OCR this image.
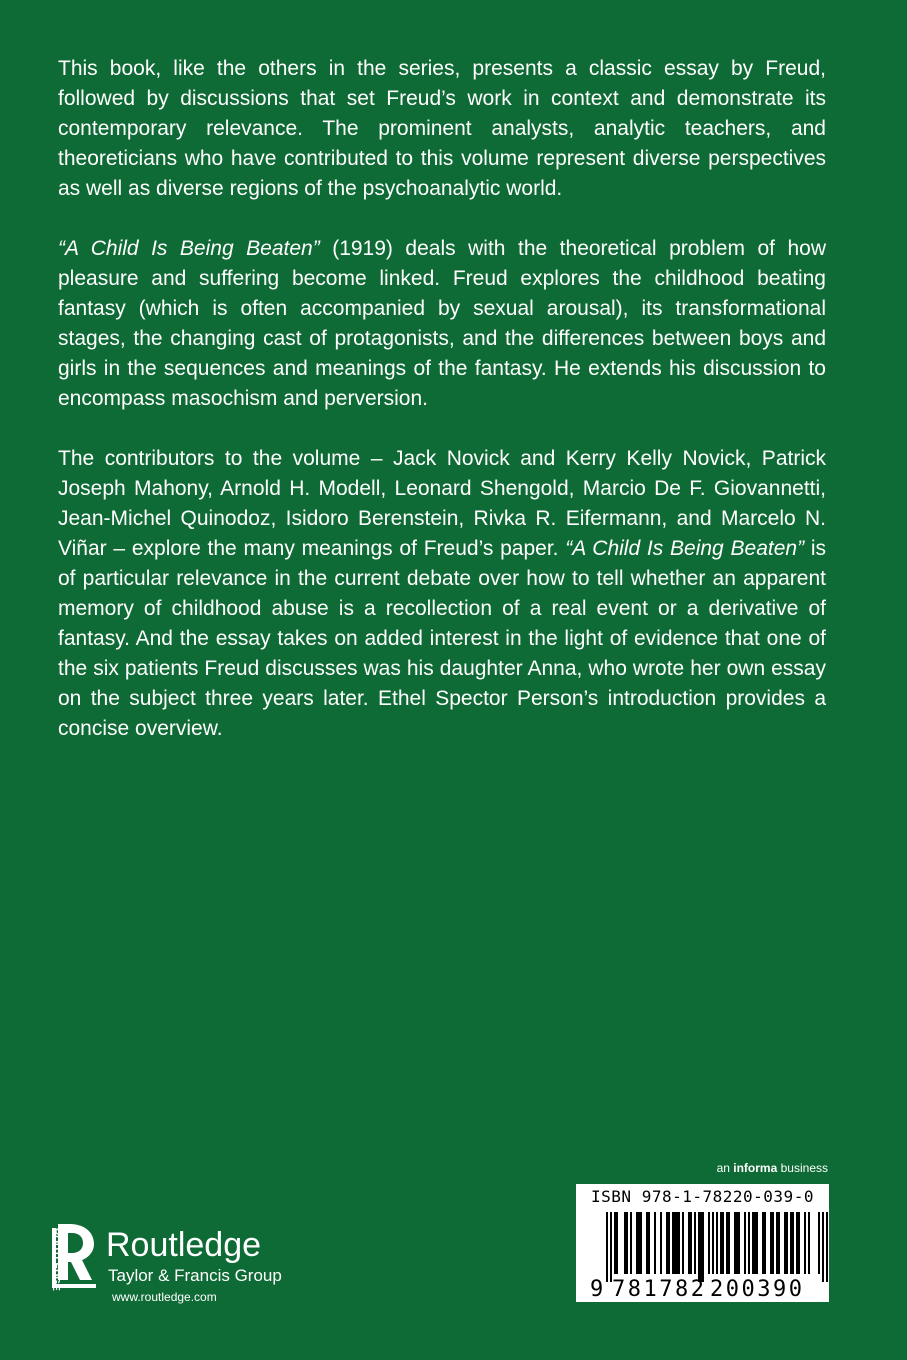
This book, like the others in the series, presents a classic essay by Freud, followed by discussions that set Freud’s work in context and demonstrate its contemporary relevance. The prominent analysts, analytic teachers, and theoreticians who have contributed to this volume represent diverse perspectives as well as diverse regions of the psychoanalytic world.

“A Child Is Being Beaten” (1919) deals with the theoretical problem of how pleasure and suffering become linked. Freud explores the childhood beating fantasy (which is often accompanied by sexual arousal), its transformational stages, the changing cast of protagonists, and the differences between boys and girls in the sequences and meanings of the fantasy. He extends his discussion to encompass masochism and perversion.

The contributors to the volume – Jack Novick and Kerry Kelly Novick, Patrick Joseph Mahony, Arnold H. Modell, Leonard Shengold, Marcio De F. Giovannetti, Jean-Michel Quinodoz, Isidoro Berenstein, Rivka R. Eifermann, and Marcelo N. Viñar – explore the many meanings of Freud’s paper. “A Child Is Being Beaten” is of particular relevance in the current debate over how to tell whether an apparent memory of childhood abuse is a recollection of a real event or a derivative of fantasy. And the essay takes on added interest in the light of evidence that one of the six patients Freud discusses was his daughter Anna, who wrote her own essay on the subject three years later. Ethel Spector Person’s introduction provides a concise overview.

an informa business
ISBN 978-1-78220-039-0
9 781782 200390
ROUTLEDGE Routledge
Taylor & Francis Group
www.routledge.com
